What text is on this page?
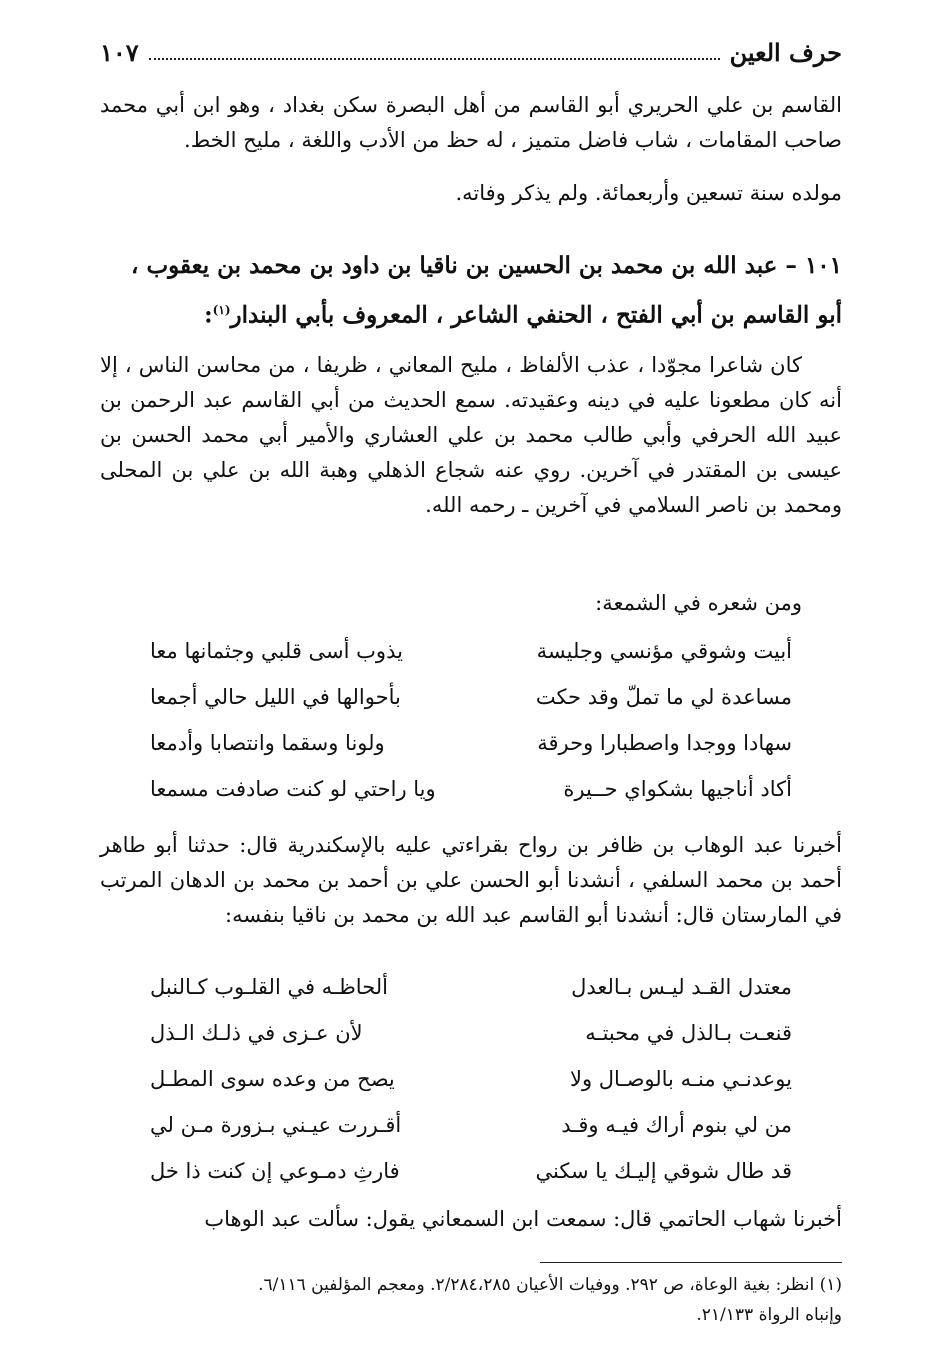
حرف العين
١٠٧

القاسم بن علي الحريري أبو القاسم من أهل البصرة سكن بغداد ، وهو ابن أبي محمد صاحب المقامات ، شاب فاضل متميز ، له حظ من الأدب واللغة ، مليح الخط.

مولده سنة تسعين وأربعمائة. ولم يذكر وفاته.

١٠١ – عبد الله بن محمد بن الحسين بن ناقيا بن داود بن محمد بن يعقوب ، أبو القاسم بن أبي الفتح ، الحنفي الشاعر ، المعروف بأبي البندار$^{(١)}$:

كان شاعرا مجوّدا ، عذب الألفاظ ، مليح المعاني ، ظريفا ، من محاسن الناس ، إلا أنه كان مطعونا عليه في دينه وعقيدته. سمع الحديث من أبي القاسم عبد الرحمن بن عبيد الله الحرفي وأبي طالب محمد بن علي العشاري والأمير أبي محمد الحسن بن عيسى بن المقتدر في آخرين. روي عنه شجاع الذهلي وهبة الله بن علي بن المحلى ومحمد بن ناصر السلامي في آخرين ـ رحمه الله.

ومن شعره في الشمعة:

أبيت وشوقي مؤنسي وجليسة
يذوب أسى قلبي وجثمانها معا
مساعدة لي ما تملّ وقد حكت
بأحوالها في الليل حالي أجمعا
سهادا ووجدا واصطبارا وحرقة
ولونا وسقما وانتصابا وأدمعا
أكاد أناجيها بشكواي حــيرة
ويا راحتي لو كنت صادفت مسمعا

أخبرنا عبد الوهاب بن ظافر بن رواح بقراءتي عليه بالإسكندرية قال: حدثنا أبو طاهر أحمد بن محمد السلفي ، أنشدنا أبو الحسن علي بن أحمد بن محمد بن الدهان المرتب في المارستان قال: أنشدنا أبو القاسم عبد الله بن محمد بن ناقيا بنفسه:

معتدل القـد ليـس بـالعدل
ألحاظـه في القلـوب كـالنبل
قنعـت بـالذل في محبتـه
لأن عـزى في ذلـك الـذل
يوعدنـي منـه بالوصـال ولا
يصح من وعده سوى المطـل
من لي بنوم أراك فيـه وقـد
أقـررت عيـني بـزورة مـن لي
قد طال شوقي إليـك يا سكني
فارثِ دمـوعي إن كنت ذا خل

أخبرنا شهاب الحاتمي قال: سمعت ابن السمعاني يقول: سألت عبد الوهاب

(١) انظر: بغية الوعاة، ص ٢٩٢. ووفيات الأعيان ٢/٢٨٤،٢٨٥. ومعجم المؤلفين ٦/١١٦.

وإنباه الرواة ٢١/١٣٣.
